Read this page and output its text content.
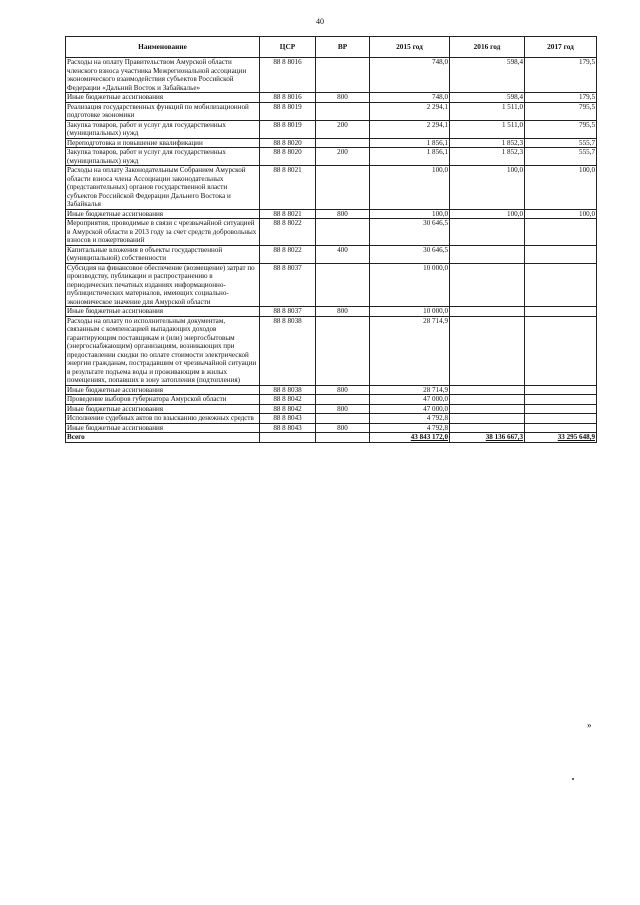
40
Наименование	ЦСР	ВР	2015 год	2016 год	2017 год
Расходы на оплату Правительством Амурской области членского взноса участника Межрегиональной ассоциации экономического взаимодействия субъектов Российской Федерации «Дальний Восток и Забайкалье»	88 8 8016		748,0	598,4	179,5
Иные бюджетные ассигнования	88 8 8016	800	748,0	598,4	179,5
Реализация государственных функций по мобилизационной подготовке экономики	88 8 8019		2 294,1	1 511,0	795,5
Закупка товаров, работ и услуг для государственных (муниципальных) нужд	88 8 8019	200	2 294,1	1 511,0	795,5
Переподготовка и повышение квалификации	88 8 8020		1 856,1	1 852,3	555,7
Закупка товаров, работ и услуг для государственных (муниципальных) нужд	88 8 8020	200	1 856,1	1 852,3	555,7
Расходы на оплату Законодательным Собранием Амурской области взноса члена Ассоциации законодательных (представительных) органов государственной власти субъектов Российской Федерации Дальнего Востока и Забайкалья	88 8 8021		100,0	100,0	100,0
Иные бюджетные ассигнования	88 8 8021	800	100,0	100,0	100,0
Мероприятия, проводимые в связи с чрезвычайной ситуацией в Амурской области в 2013 году за счет средств добровольных взносов и пожертвований	88 8 8022		30 646,5		
Капитальные вложения в объекты государственной (муниципальной) собственности	88 8 8022	400	30 646,5		
Субсидия на финансовое обеспечение (возмещение) затрат по производству, публикации и распространению в периодических печатных изданиях информационно-публицистических материалов, имеющих социально-экономическое значение для Амурской области	88 8 8037		10 000,0		
Иные бюджетные ассигнования	88 8 8037	800	10 000,0		
Расходы на оплату по исполнительным документам, связанным с компенсацией выпадающих доходов гарантирующим поставщикам и (или) энергосбытовым (энергоснабжающим) организациям, возникающих при предоставлении скидки по оплате стоимости электрической энергии гражданам, пострадавшим от чрезвычайной ситуации в результате подъема воды и проживающим в жилых помещениях, попавших в зону затопления (подтопления)	88 8 8038		28 714,9		
Иные бюджетные ассигнования	88 8 8038	800	28 714,9		
Проведение выборов губернатора Амурской области	88 8 8042		47 000,0		
Иные бюджетные ассигнования	88 8 8042	800	47 000,0		
Исполнение судебных актов по взысканию денежных средств	88 8 8043		4 792,8		
Иные бюджетные ассигнования	88 8 8043	800	4 792,8		
Всего			43 843 172,0	38 136 667,3	33 295 648,9
»
